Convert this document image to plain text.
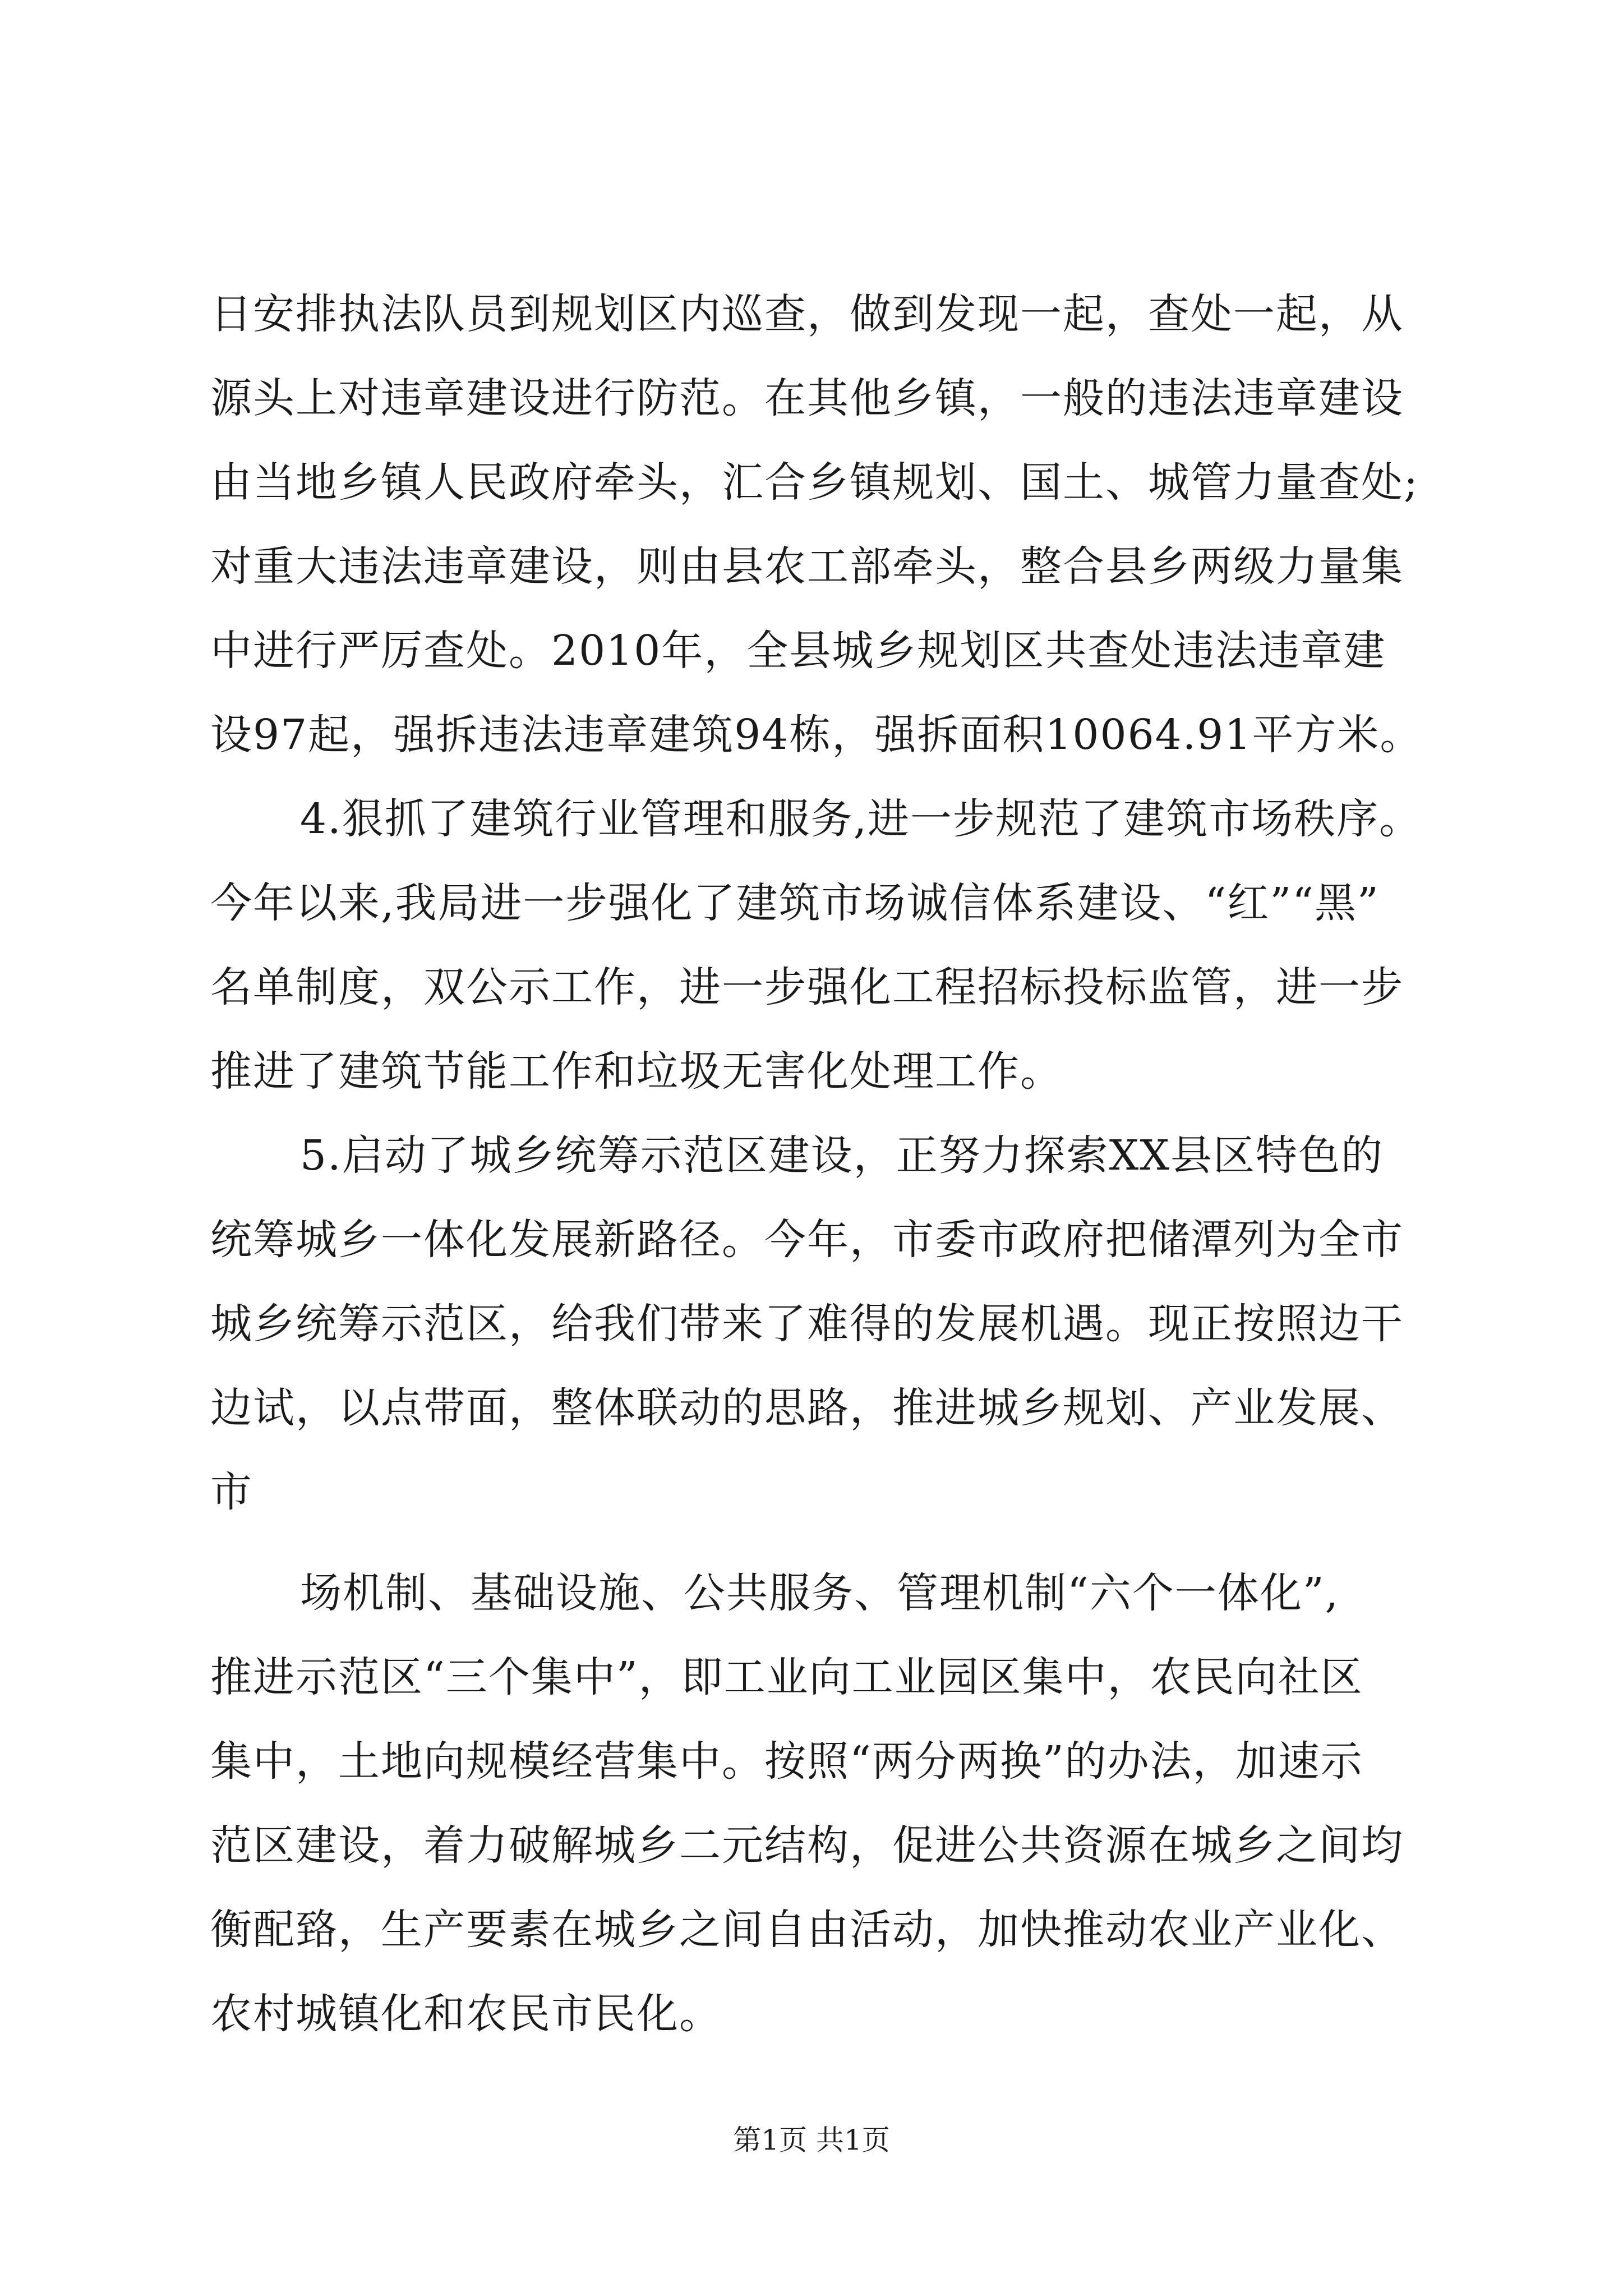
日安排执法队员到规划区内巡查，做到发现一起，查处一起，从
源头上对违章建设进行防范。在其他乡镇，一般的违法违章建设
由当地乡镇人民政府牵头，汇合乡镇规划、国土、城管力量查处;
对重大违法违章建设，则由县农工部牵头，整合县乡两级力量集
中进行严厉查处。2010年，全县城乡规划区共查处违法违章建
设97起，强拆违法违章建筑94栋，强拆面积10064.91平方米。
4.狠抓了建筑行业管理和服务,进一步规范了建筑市场秩序。
今年以来,我局进一步强化了建筑市场诚信体系建设、“红”“黑”
名单制度，双公示工作，进一步强化工程招标投标监管，进一步
推进了建筑节能工作和垃圾无害化处理工作。
5.启动了城乡统筹示范区建设，正努力探索XX县区特色的
统筹城乡一体化发展新路径。今年，市委市政府把储潭列为全市
城乡统筹示范区，给我们带来了难得的发展机遇。现正按照边干
边试，以点带面，整体联动的思路，推进城乡规划、产业发展、
市
场机制、基础设施、公共服务、管理机制“六个一体化”,
推进示范区“三个集中”，即工业向工业园区集中，农民向社区
集中，土地向规模经营集中。按照“两分两换”的办法，加速示
范区建设，着力破解城乡二元结构，促进公共资源在城乡之间均
衡配臵，生产要素在城乡之间自由活动，加快推动农业产业化、
农村城镇化和农民市民化。
第1页 共1页
